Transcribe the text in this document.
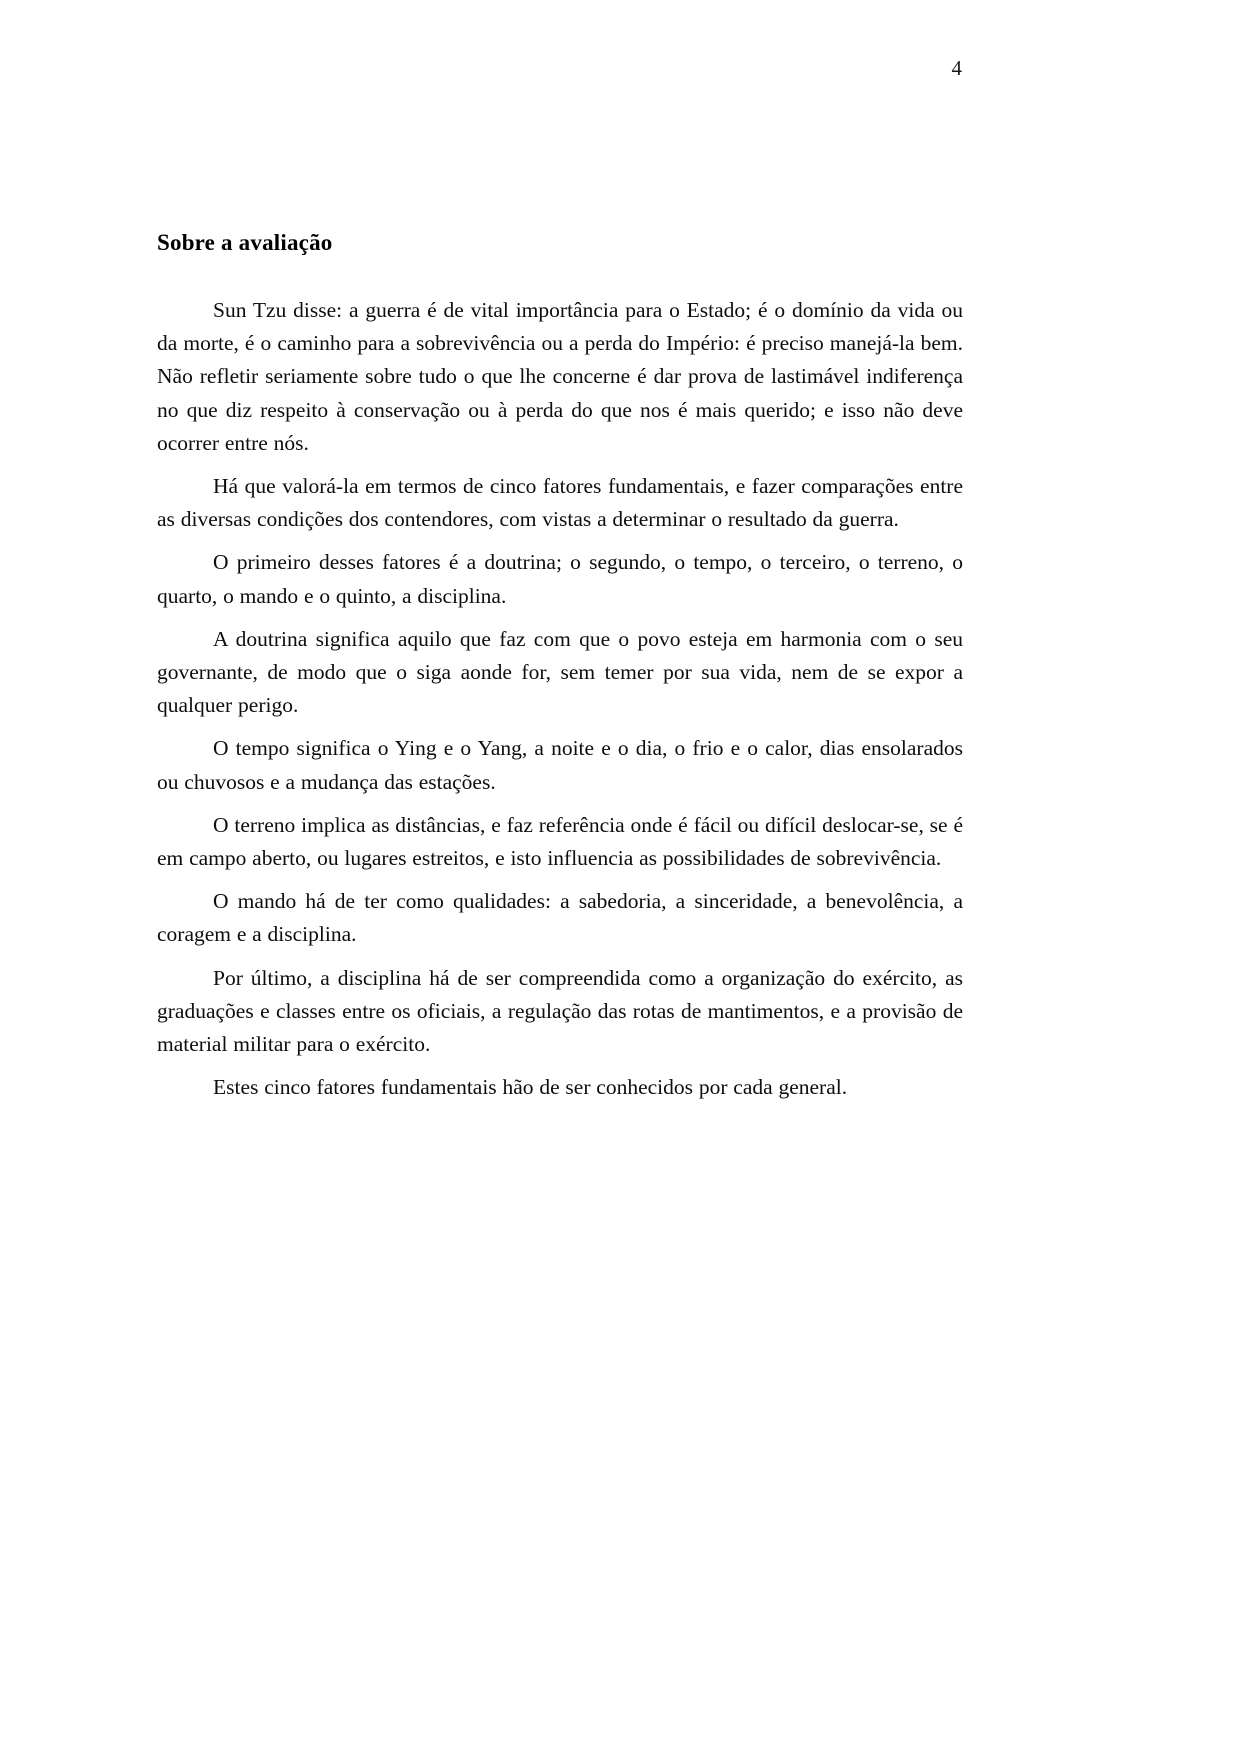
4
Sobre a avaliação

Sun Tzu disse: a guerra é de vital importância para o Estado; é o domínio da vida ou da morte, é o caminho para a sobrevivência ou a perda do Império: é preciso manejá-la bem. Não refletir seriamente sobre tudo o que lhe concerne é dar prova de lastimável indiferença no que diz respeito à conservação ou à perda do que nos é mais querido; e isso não deve ocorrer entre nós.

Há que valorá-la em termos de cinco fatores fundamentais, e fazer comparações entre as diversas condições dos contendores, com vistas a determinar o resultado da guerra.

O primeiro desses fatores é a doutrina; o segundo, o tempo, o terceiro, o terreno, o quarto, o mando e o quinto, a disciplina.

A doutrina significa aquilo que faz com que o povo esteja em harmonia com o seu governante, de modo que o siga aonde for, sem temer por sua vida, nem de se expor a qualquer perigo.

O tempo significa o Ying e o Yang, a noite e o dia, o frio e o calor, dias ensolarados ou chuvosos e a mudança das estações.

O terreno implica as distâncias, e faz referência onde é fácil ou difícil deslocar-se, se é em campo aberto, ou lugares estreitos, e isto influencia as possibilidades de sobrevivência.

O mando há de ter como qualidades: a sabedoria, a sinceridade, a benevolência, a coragem e a disciplina.

Por último, a disciplina há de ser compreendida como a organização do exército, as graduações e classes entre os oficiais, a regulação das rotas de mantimentos, e a provisão de material militar para o exército.

Estes cinco fatores fundamentais hão de ser conhecidos por cada general.
